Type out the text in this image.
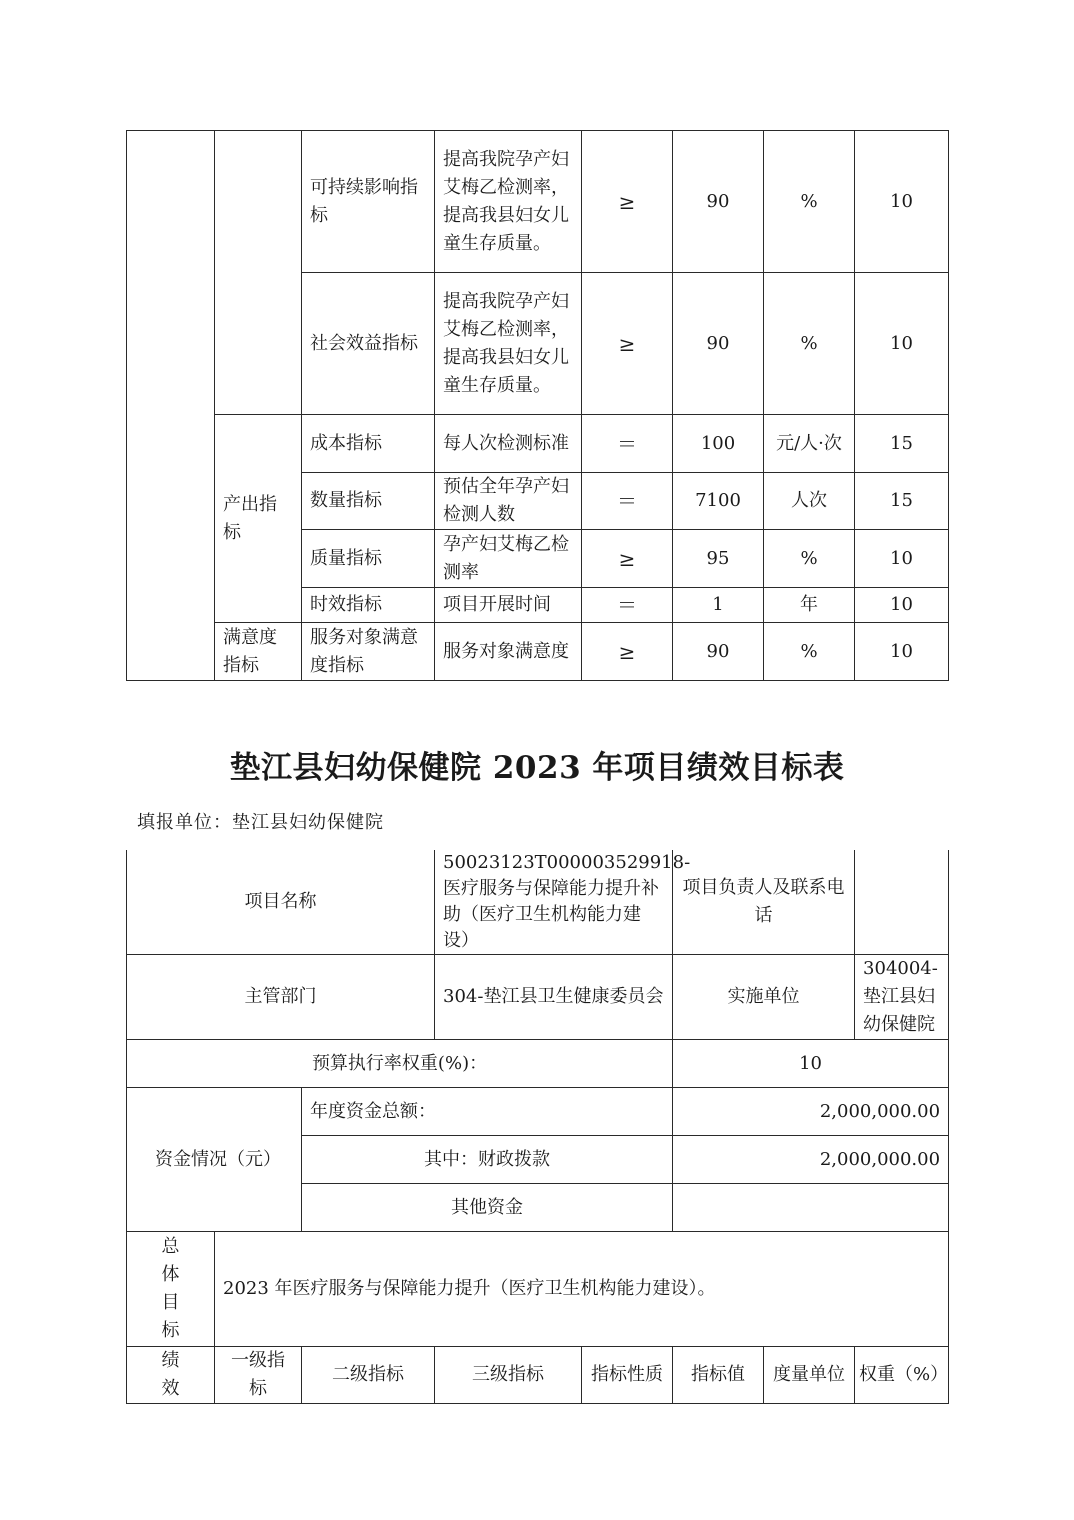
		可持续影响指标	提高我院孕产妇艾梅乙检测率，提高我县妇女儿童生存质量。	≥	90	%	10
		社会效益指标	提高我院孕产妇艾梅乙检测率，提高我县妇女儿童生存质量。	≥	90	%	10
	产出指标	成本指标	每人次检测标准	＝	100	元/人·次	15
		数量指标	预估全年孕产妇检测人数	＝	7100	人次	15
		质量指标	孕产妇艾梅乙检测率	≥	95	%	10
		时效指标	项目开展时间	＝	1	年	10
	满意度指标	服务对象满意度指标	服务对象满意度	≥	90	%	10
垫江县妇幼保健院 2023 年项目绩效目标表
填报单位：垫江县妇幼保健院
项目名称			50023123T000003529918-医疗服务与保障能力提升补助（医疗卫生机构能力建设）		项目负责人及联系电话		
主管部门			304-垫江县卫生健康委员会		实施单位		304004-垫江县妇幼保健院
预算执行率权重(%)：					10		

资金情况（元）		年度资金总额：			2,000,000.00		
		其中：财政拨款			2,000,000.00		
		其他资金					

总体目标	2023 年医疗服务与保障能力提升（医疗卫生机构能力建设）。						

绩效	一级指标	二级指标	三级指标	指标性质	指标值	度量单位	权重（%）
